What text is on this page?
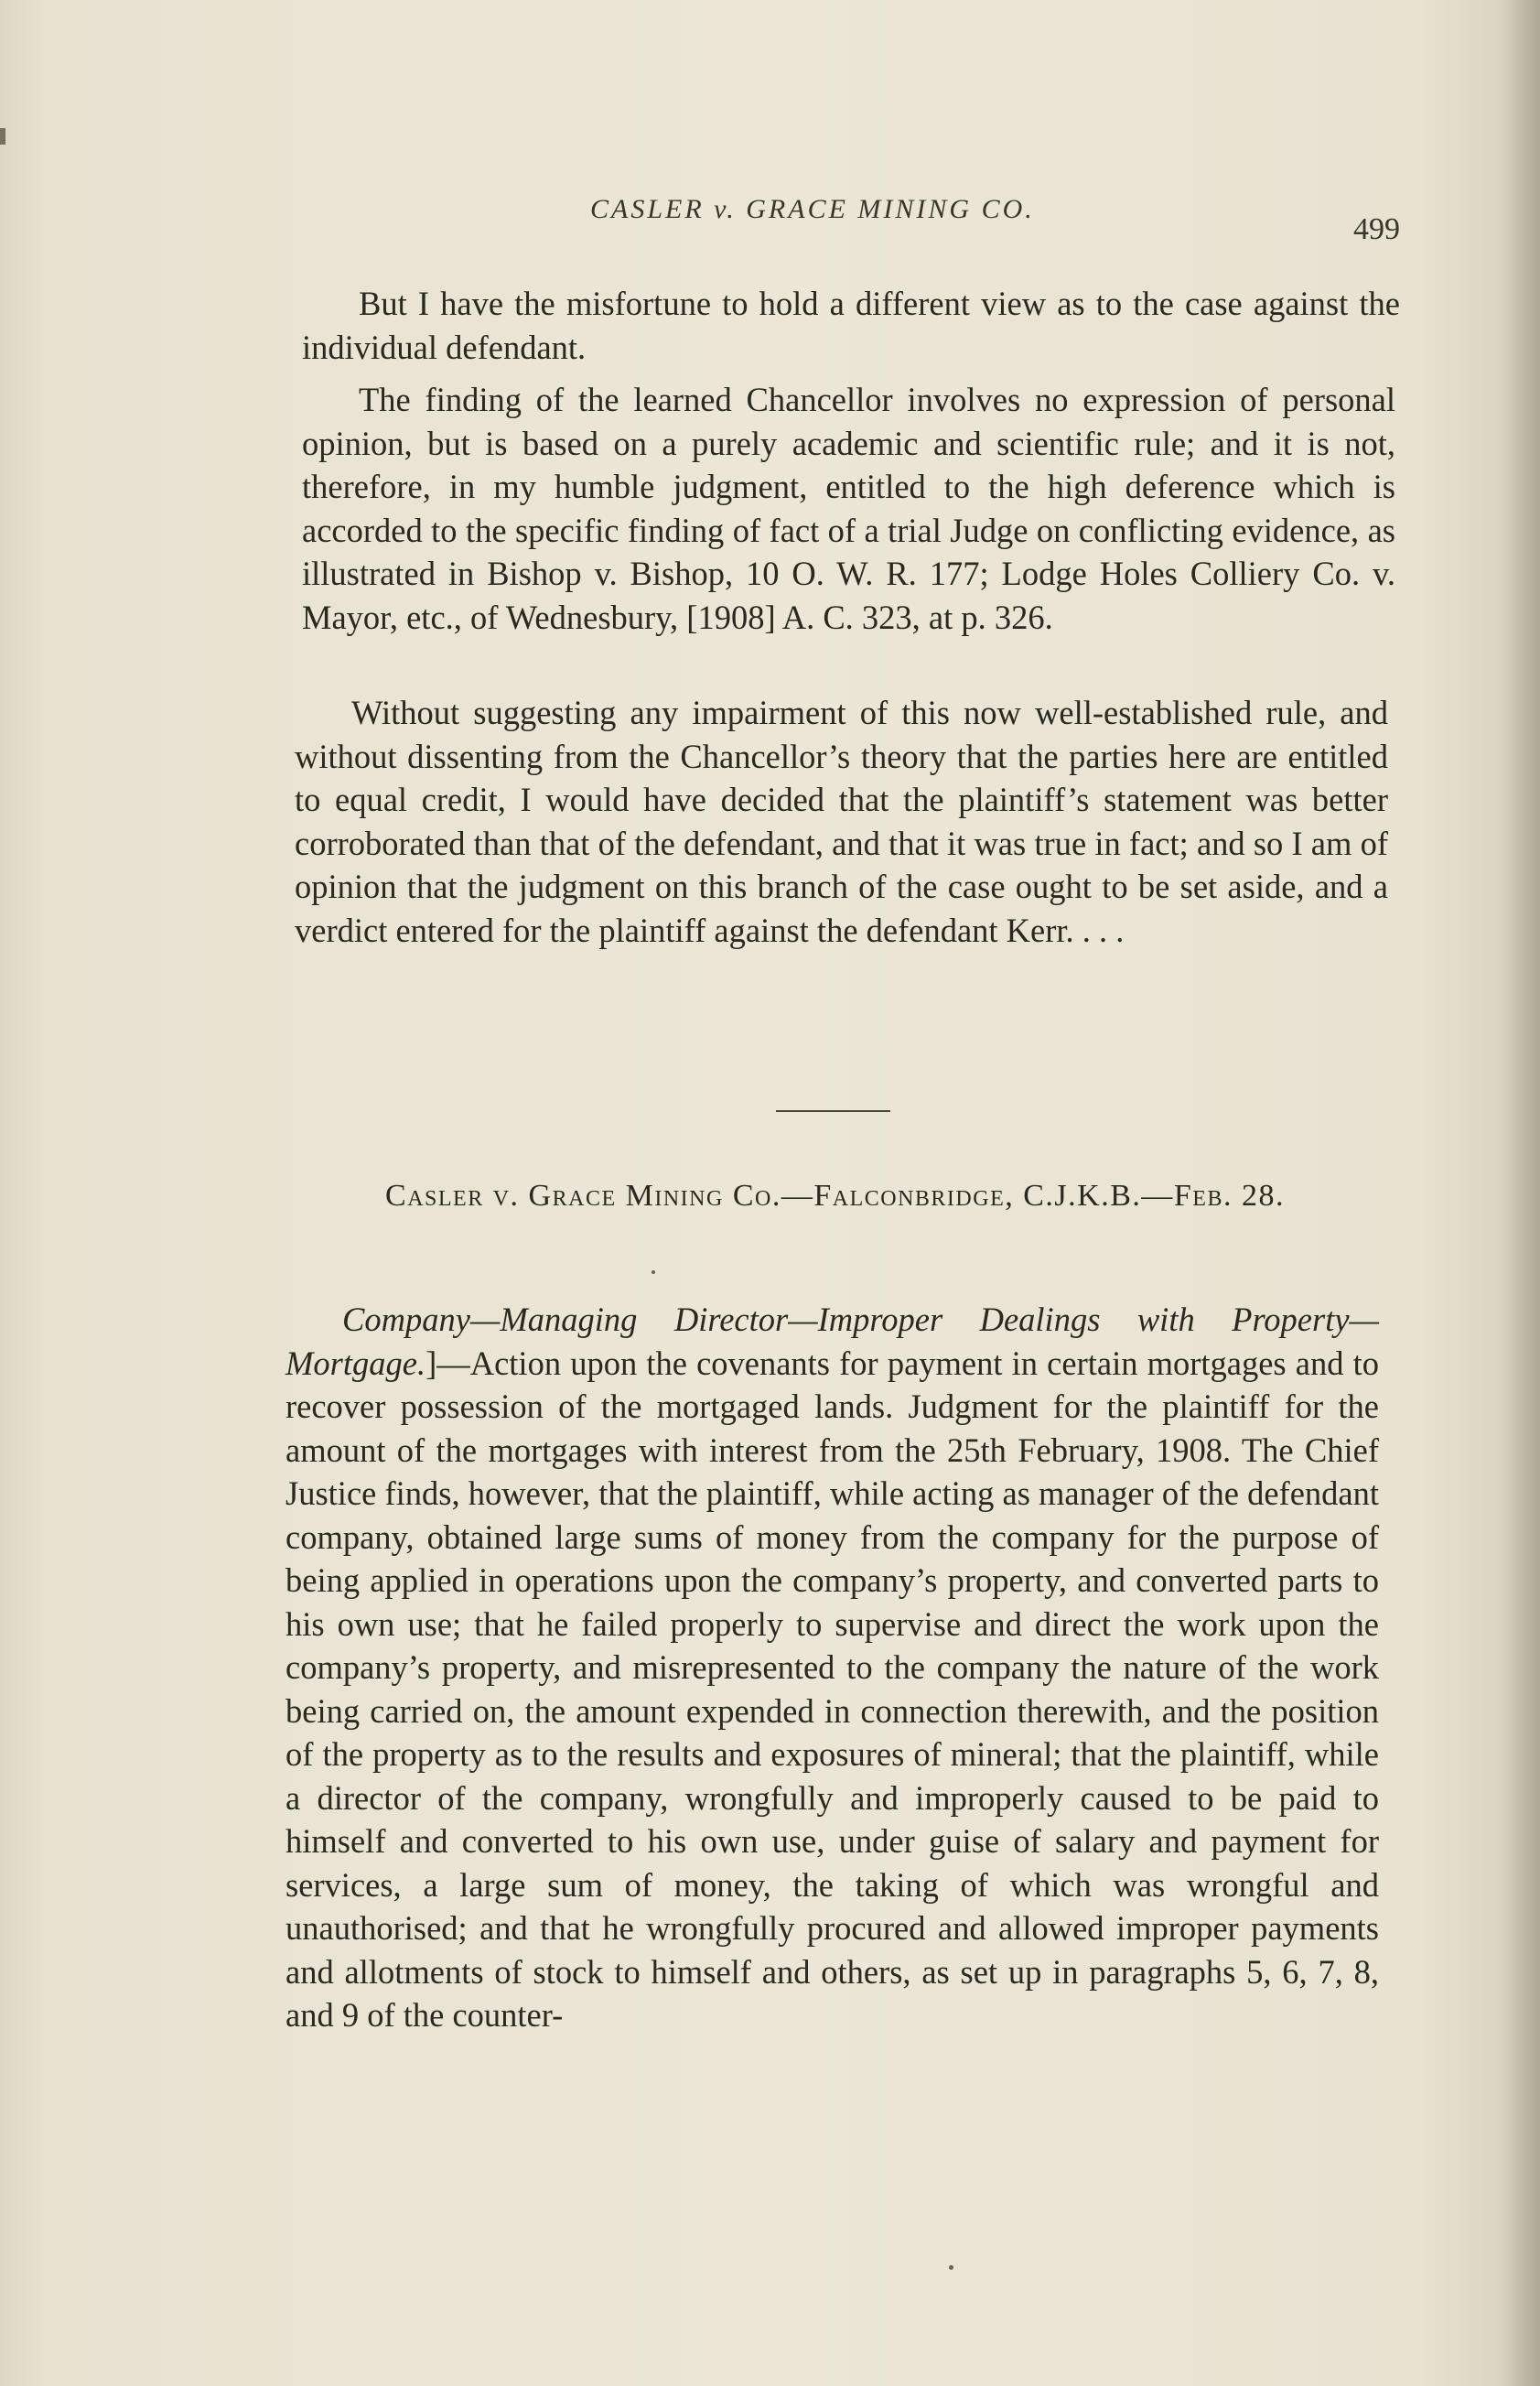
CASLER v. GRACE MINING CO.
499

But I have the misfortune to hold a different view as to the case against the individual defendant.

The finding of the learned Chancellor involves no expression of personal opinion, but is based on a purely academic and scientific rule; and it is not, therefore, in my humble judgment, entitled to the high deference which is accorded to the specific finding of fact of a trial Judge on conflicting evidence, as illustrated in Bishop v. Bishop, 10 O. W. R. 177; Lodge Holes Colliery Co. v. Mayor, etc., of Wednesbury, [1908] A. C. 323, at p. 326.

Without suggesting any impairment of this now well-established rule, and without dissenting from the Chancellor’s theory that the parties here are entitled to equal credit, I would have decided that the plaintiff’s statement was better corroborated than that of the defendant, and that it was true in fact; and so I am of opinion that the judgment on this branch of the case ought to be set aside, and a verdict entered for the plaintiff against the defendant Kerr. . . .

Casler v. Grace Mining Co.—Falconbridge, C.J.K.B.—Feb. 28.

Company—Managing Director—Improper Dealings with Property—Mortgage.]—Action upon the covenants for payment in certain mortgages and to recover possession of the mortgaged lands. Judgment for the plaintiff for the amount of the mortgages with interest from the 25th February, 1908. The Chief Justice finds, however, that the plaintiff, while acting as manager of the defendant company, obtained large sums of money from the company for the purpose of being applied in operations upon the company’s property, and converted parts to his own use; that he failed properly to supervise and direct the work upon the company’s property, and misrepresented to the company the nature of the work being carried on, the amount expended in connection therewith, and the position of the property as to the results and exposures of mineral; that the plaintiff, while a director of the company, wrongfully and improperly caused to be paid to himself and converted to his own use, under guise of salary and payment for services, a large sum of money, the taking of which was wrongful and unauthorised; and that he wrongfully procured and allowed improper payments and allotments of stock to himself and others, as set up in paragraphs 5, 6, 7, 8, and 9 of the counter-
